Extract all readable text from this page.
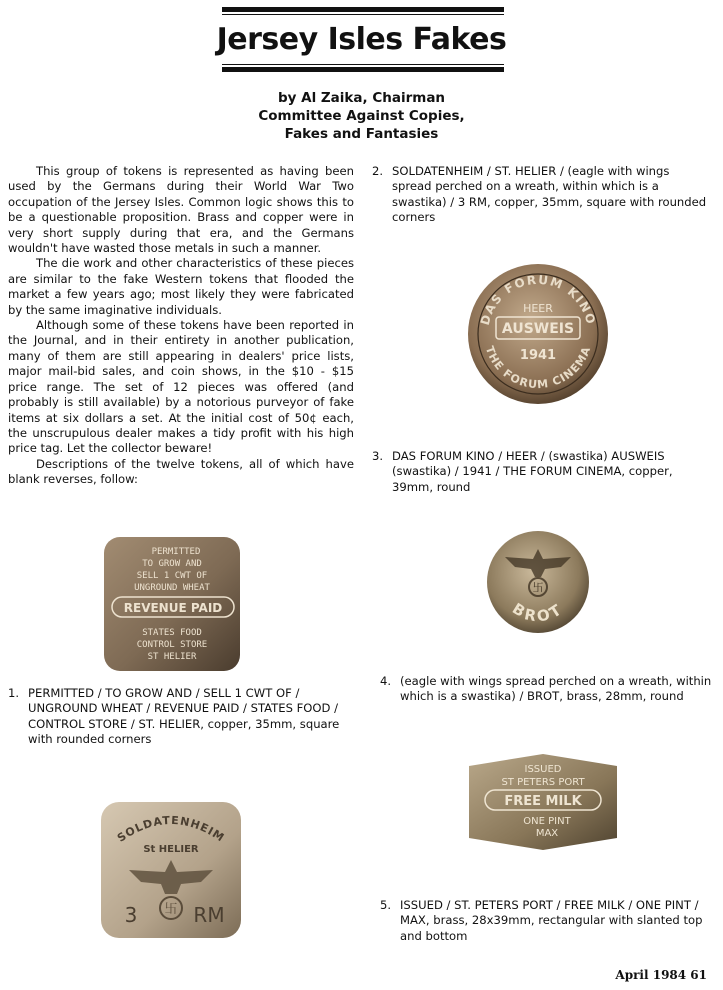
Jersey Isles Fakes
by Al Zaika, Chairman
Committee Against Copies,
Fakes and Fantasies

This group of tokens is represented as having been used by the Germans during their World War Two occupation of the Jersey Isles. Common logic shows this to be a questionable proposition. Brass and copper were in very short supply during that era, and the Germans wouldn't have wasted those metals in such a manner.

The die work and other characteristics of these pieces are similar to the fake Western tokens that flooded the market a few years ago; most likely they were fabricated by the same imaginative individuals.

Although some of these tokens have been reported in the Journal, and in their entirety in another publication, many of them are still appearing in dealers' price lists, major mail-bid sales, and coin shows, in the $10 - $15 price range. The set of 12 pieces was offered (and probably is still available) by a notorious purveyor of fake items at six dollars a set. At the initial cost of 50¢ each, the unscrupulous dealer makes a tidy profit with his high price tag. Let the collector beware!

Descriptions of the twelve tokens, all of which have blank reverses, follow:

2. SOLDATENHEIM / ST. HELIER / (eagle with wings spread perched on a wreath, within which is a swastika) / 3 RM, copper, 35mm, square with rounded corners
DAS FORUM KINO
THE FORUM CINEMA
HEER
AUSWEIS
1941
3. DAS FORUM KINO / HEER / (swastika) AUSWEIS (swastika) / 1941 / THE FORUM CINEMA, copper, 39mm, round
卐
BROT
4. (eagle with wings spread perched on a wreath, within which is a swastika) / BROT, brass, 28mm, round
ISSUED
ST PETERS PORT
FREE MILK
ONE PINT
MAX
5. ISSUED / ST. PETERS PORT / FREE MILK / ONE PINT / MAX, brass, 28x39mm, rectangular with slanted top and bottom
PERMITTED
TO GROW AND
SELL 1 CWT OF
UNGROUND WHEAT
REVENUE PAID
STATES FOOD
CONTROL STORE
ST HELIER
1. PERMITTED / TO GROW AND / SELL 1 CWT OF / UNGROUND WHEAT / REVENUE PAID / STATES FOOD / CONTROL STORE / ST. HELIER, copper, 35mm, square with rounded corners
SOLDATENHEIM
St HELIER
卐
3	RM
April 1984 61
